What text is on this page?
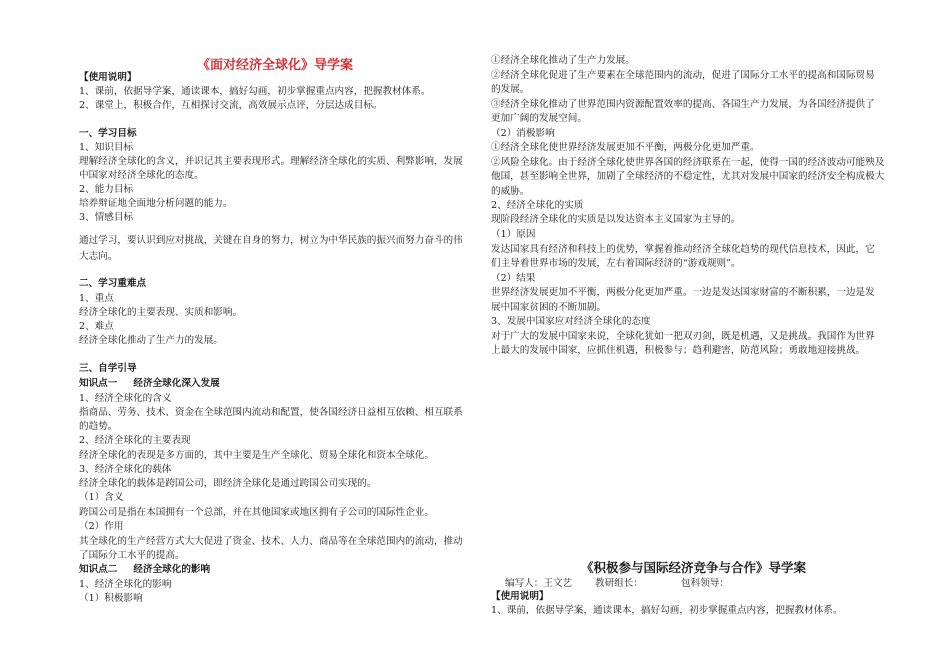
《面对经济全球化》导学案
【使用说明】
1、课前，依据导学案，通读课本，搞好勾画，初步掌握重点内容，把握教材体系。
2、课堂上，积极合作，互相探讨交流，高效展示点评，分层达成目标。
一、学习目标
1、知识目标
理解经济全球化的含义，并识记其主要表现形式。理解经济全球化的实质、利弊影响，发展
中国家对经济全球化的态度。
2、能力目标
培养辩证地全面地分析问题的能力。
3、情感目标
通过学习，要认识到应对挑战，关键在自身的努力，树立为中华民族的振兴而努力奋斗的伟
大志向。
二、学习重难点
1、重点
经济全球化的主要表现、实质和影响。
2、难点
经济全球化推动了生产力的发展。
三、自学引导
知识点一 经济全球化深入发展
1、经济全球化的含义
指商品、劳务、技术、资金在全球范围内流动和配置，使各国经济日益相互依赖、相互联系
的趋势。
2、经济全球化的主要表现
经济全球化的表现是多方面的，其中主要是生产全球化、贸易全球化和资本全球化。
3、经济全球化的载体
经济全球化的载体是跨国公司，即经济全球化是通过跨国公司实现的。
（1）含义
跨国公司是指在本国拥有一个总部，并在其他国家或地区拥有子公司的国际性企业。
（2）作用
其全球化的生产经营方式大大促进了资金、技术、人力、商品等在全球范围内的流动，推动
了国际分工水平的提高。
知识点二 经济全球化的影响
1、经济全球化的影响
（1）积极影响
①经济全球化推动了生产力发展。
②经济全球化促进了生产要素在全球范围内的流动，促进了国际分工水平的提高和国际贸易
的发展。
③经济全球化推动了世界范围内资源配置效率的提高、各国生产力发展，为各国经济提供了
更加广阔的发展空间。
（2）消极影响
①经济全球化使世界经济发展更加不平衡，两极分化更加严重。
②风险全球化。由于经济全球化使世界各国的经济联系在一起，使得一国的经济波动可能殃及
他国，甚至影响全世界，加剧了全球经济的不稳定性，尤其对发展中国家的经济安全构成极大
的威胁。
2、经济全球化的实质
现阶段经济全球化的实质是以发达资本主义国家为主导的。
（1）原因
发达国家具有经济和科技上的优势，掌握着推动经济全球化趋势的现代信息技术，因此，它
们主导着世界市场的发展，左右着国际经济的“游戏规则”。
（2）结果
世界经济发展更加不平衡，两极分化更加严重。一边是发达国家财富的不断积累，一边是发
展中国家贫困的不断加剧。
3、发展中国家应对经济全球化的态度
对于广大的发展中国家来说，全球化犹如一把双刃剑，既是机遇，又是挑战。我国作为世界
上最大的发展中国家，应抓住机遇，积极参与；趋利避害，防范风险；勇敢地迎接挑战。
《积极参与国际经济竞争与合作》导学案
编写人：王文艺 教研组长：	包科领导：
【使用说明】
1、课前，依据导学案，通读课本，搞好勾画，初步掌握重点内容，把握教材体系。
